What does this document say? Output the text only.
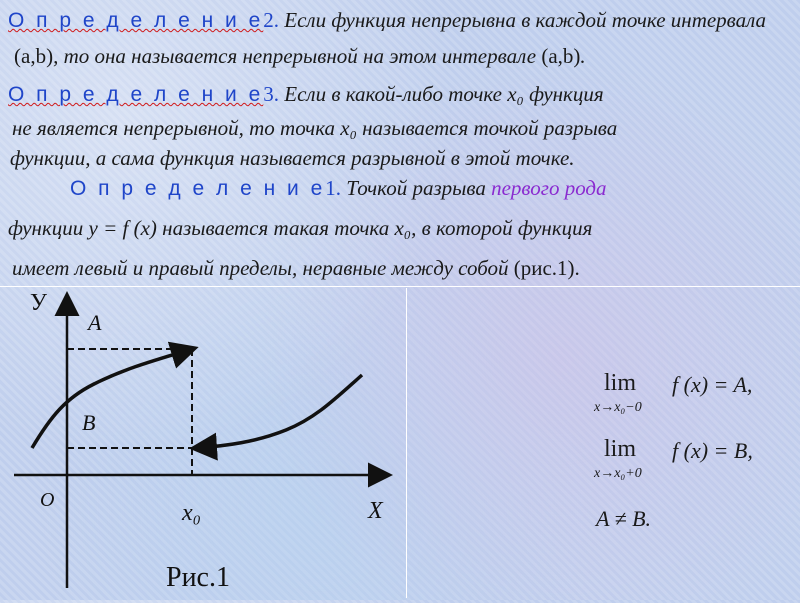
О п р е д е л е н и е2. Если функция непрерывна в каждой точке интервала
(a,b), то она называется непрерывной на этом интервале (a,b).
О п р е д е л е н и е3. Если в какой-либо точке x₀ функция
не является непрерывной, то точка x₀ называется точкой разрыва
функции, а сама функция называется разрывной в этой точке.
О п р е д е л е н и е1. Точкой разрыва первого рода
функции y = f (x) называется такая точка x₀, в которой функция
имеет левый и правый пределы, неравные между собой (рис.1).
У
A
B
О	x₀	X
Рис.1
lim
x→x₀−0
f (x) = A,
lim
x→x₀+0
f (x) = B,
A ≠ B.
